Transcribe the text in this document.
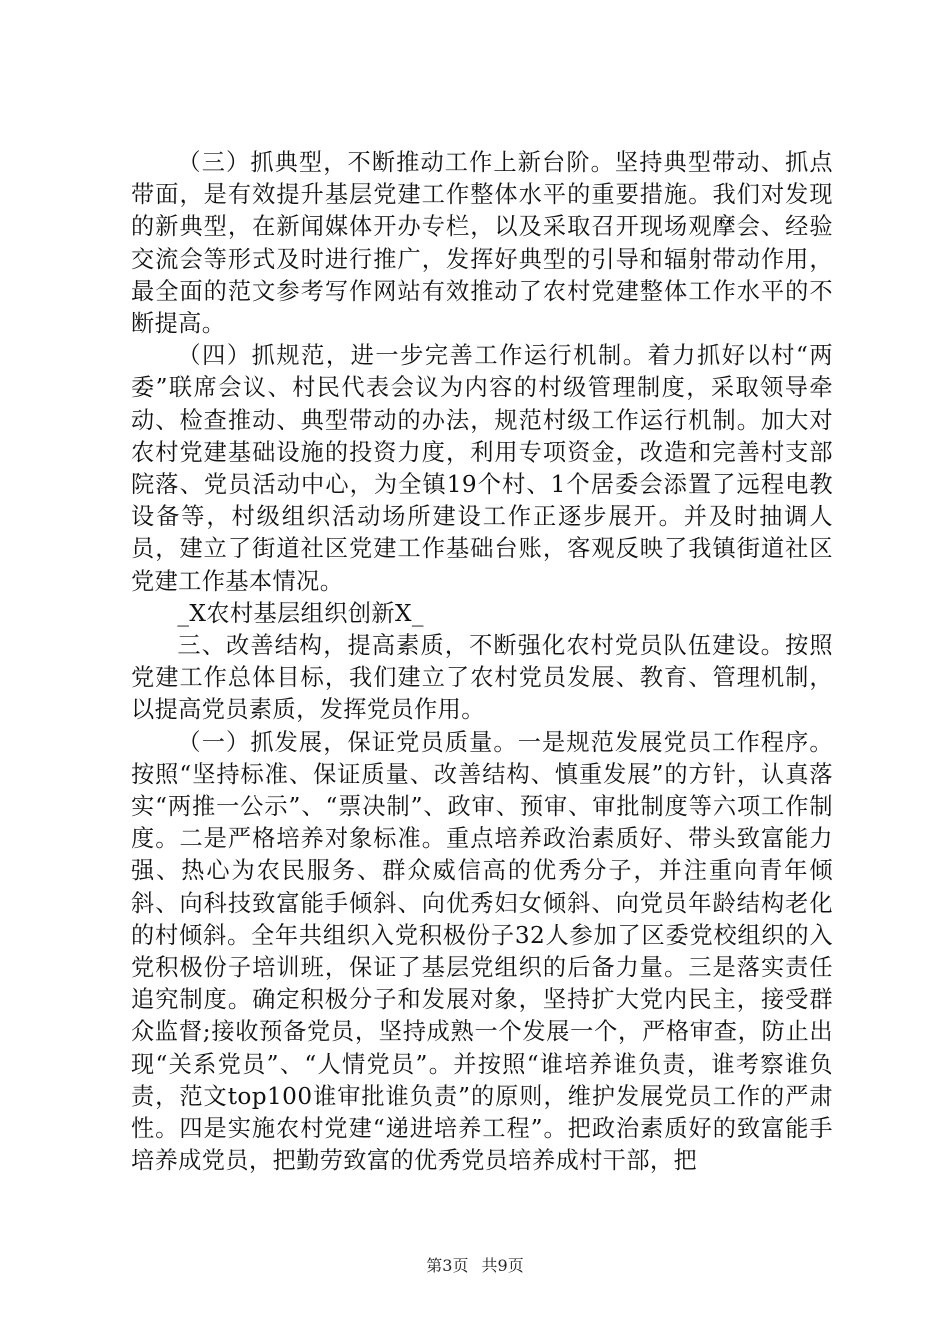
（三）抓典型，不断推动工作上新台阶。坚持典型带动、抓点带面，是有效提升基层党建工作整体水平的重要措施。我们对发现的新典型，在新闻媒体开办专栏，以及采取召开现场观摩会、经验交流会等形式及时进行推广，发挥好典型的引导和辐射带动作用，最全面的范文参考写作网站有效推动了农村党建整体工作水平的不断提高。

（四）抓规范，进一步完善工作运行机制。着力抓好以村“两委”联席会议、村民代表会议为内容的村级管理制度，采取领导牵动、检查推动、典型带动的办法，规范村级工作运行机制。加大对农村党建基础设施的投资力度，利用专项资金，改造和完善村支部院落、党员活动中心，为全镇19个村、1个居委会添置了远程电教设备等，村级组织活动场所建设工作正逐步展开。并及时抽调人员，建立了街道社区党建工作基础台账，客观反映了我镇街道社区党建工作基本情况。

_X农村基层组织创新X_

三、改善结构，提高素质，不断强化农村党员队伍建设。按照党建工作总体目标，我们建立了农村党员发展、教育、管理机制，以提高党员素质，发挥党员作用。

（一）抓发展，保证党员质量。一是规范发展党员工作程序。按照“坚持标准、保证质量、改善结构、慎重发展”的方针，认真落实“两推一公示”、“票决制”、政审、预审、审批制度等六项工作制度。二是严格培养对象标准。重点培养政治素质好、带头致富能力强、热心为农民服务、群众威信高的优秀分子，并注重向青年倾斜、向科技致富能手倾斜、向优秀妇女倾斜、向党员年龄结构老化的村倾斜。全年共组织入党积极份子32人参加了区委党校组织的入党积极份子培训班，保证了基层党组织的后备力量。三是落实责任追究制度。确定积极分子和发展对象，坚持扩大党内民主，接受群众监督;接收预备党员，坚持成熟一个发展一个，严格审查，防止出现“关系党员”、“人情党员”。并按照“谁培养谁负责，谁考察谁负责，范文top100谁审批谁负责”的原则，维护发展党员工作的严肃性。四是实施农村党建“递进培养工程”。把政治素质好的致富能手培养成党员，把勤劳致富的优秀党员培养成村干部，把

第3页 共9页
